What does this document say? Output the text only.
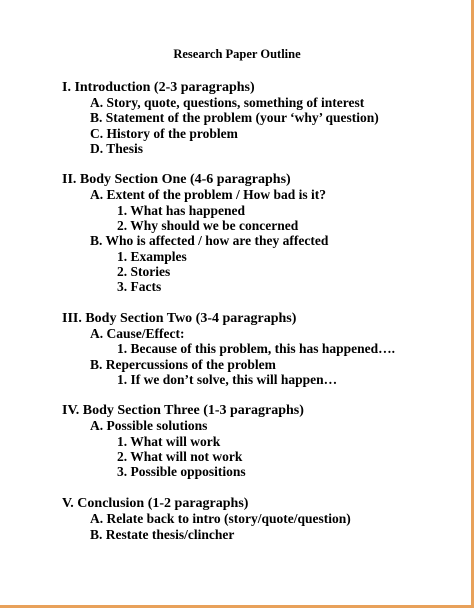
Research Paper Outline
I. Introduction (2-3 paragraphs)
A. Story, quote, questions, something of interest
B. Statement of the problem (your ‘why’ question)
C. History of the problem
D. Thesis
II. Body Section One (4-6 paragraphs)
A. Extent of the problem / How bad is it?
1. What has happened
2. Why should we be concerned
B. Who is affected / how are they affected
1. Examples
2. Stories
3. Facts
III. Body Section Two (3-4 paragraphs)
A. Cause/Effect:
1. Because of this problem, this has happened….
B. Repercussions of the problem
1. If we don’t solve, this will happen…
IV. Body Section Three (1-3 paragraphs)
A. Possible solutions
1. What will work
2. What will not work
3. Possible oppositions
V. Conclusion (1-2 paragraphs)
A. Relate back to intro (story/quote/question)
B. Restate thesis/clincher
